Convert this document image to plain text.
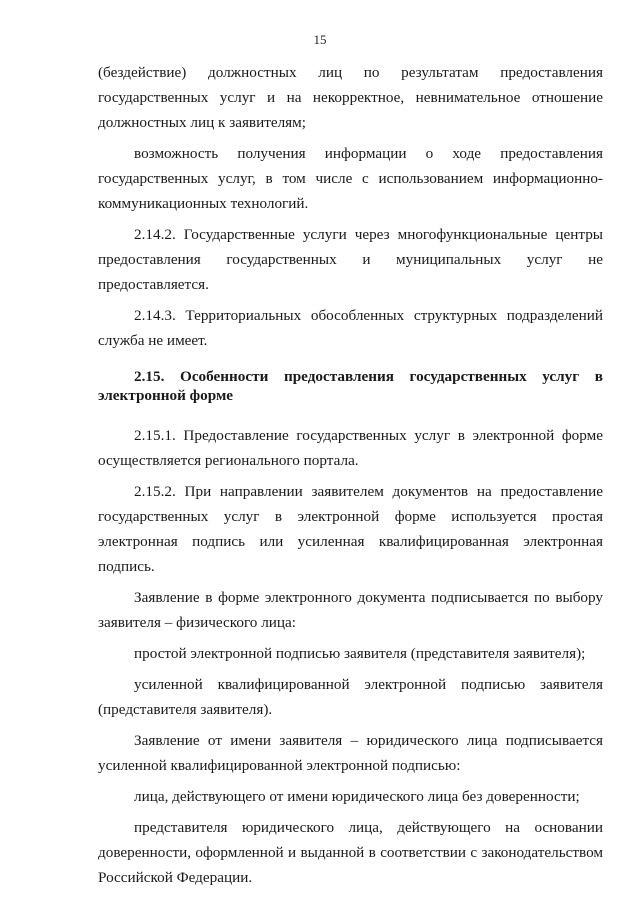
15

(бездействие) должностных лиц по результатам предоставления государственных услуг и на некорректное, невнимательное отношение должностных лиц к заявителям;

возможность получения информации о ходе предоставления государственных услуг, в том числе с использованием информационно-коммуникационных технологий.

2.14.2. Государственные услуги через многофункциональные центры предоставления государственных и муниципальных услуг не предоставляется.

2.14.3. Территориальных обособленных структурных подразделений служба не имеет.

2.15. Особенности предоставления государственных услуг в электронной форме

2.15.1. Предоставление государственных услуг в электронной форме осуществляется регионального портала.

2.15.2. При направлении заявителем документов на предоставление государственных услуг в электронной форме используется простая электронная подпись или усиленная квалифицированная электронная подпись.

Заявление в форме электронного документа подписывается по выбору заявителя – физического лица:

простой электронной подписью заявителя (представителя заявителя);

усиленной квалифицированной электронной подписью заявителя (представителя заявителя).

Заявление от имени заявителя – юридического лица подписывается усиленной квалифицированной электронной подписью:

лица, действующего от имени юридического лица без доверенности;

представителя юридического лица, действующего на основании доверенности, оформленной и выданной в соответствии с законодательством Российской Федерации.
